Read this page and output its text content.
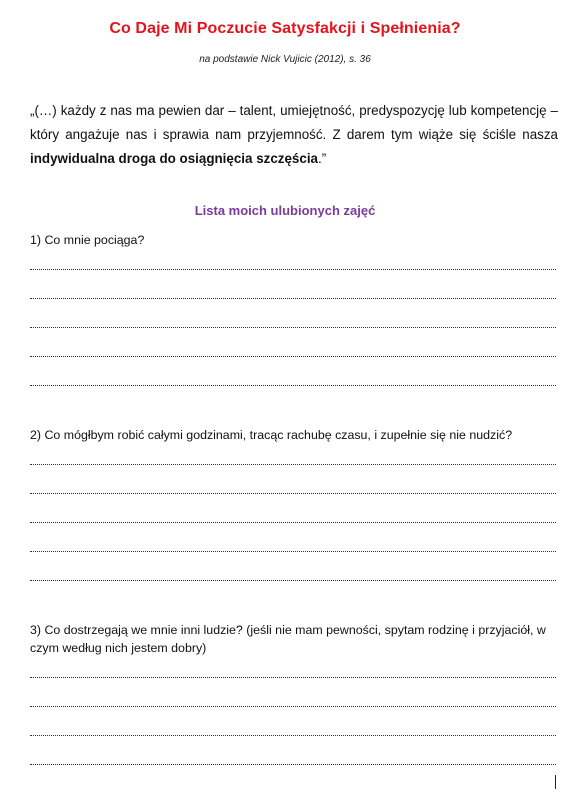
Co Daje Mi Poczucie Satysfakcji i Spełnienia?
na podstawie Nick Vujicic (2012), s. 36
„(…) każdy z nas ma pewien dar – talent, umiejętność, predyspozycję lub kompetencję – który angażuje nas i sprawia nam przyjemność. Z darem tym wiąże się ściśle nasza indywidualna droga do osiągnięcia szczęścia.”
Lista moich ulubionych zajęć
1) Co mnie pociąga?
2) Co mógłbym robić całymi godzinami, tracąc rachubę czasu, i zupełnie się nie nudzić?
3) Co dostrzegają we mnie inni ludzie? (jeśli nie mam pewności, spytam rodzinę i przyjaciół, w czym według nich jestem dobry)
